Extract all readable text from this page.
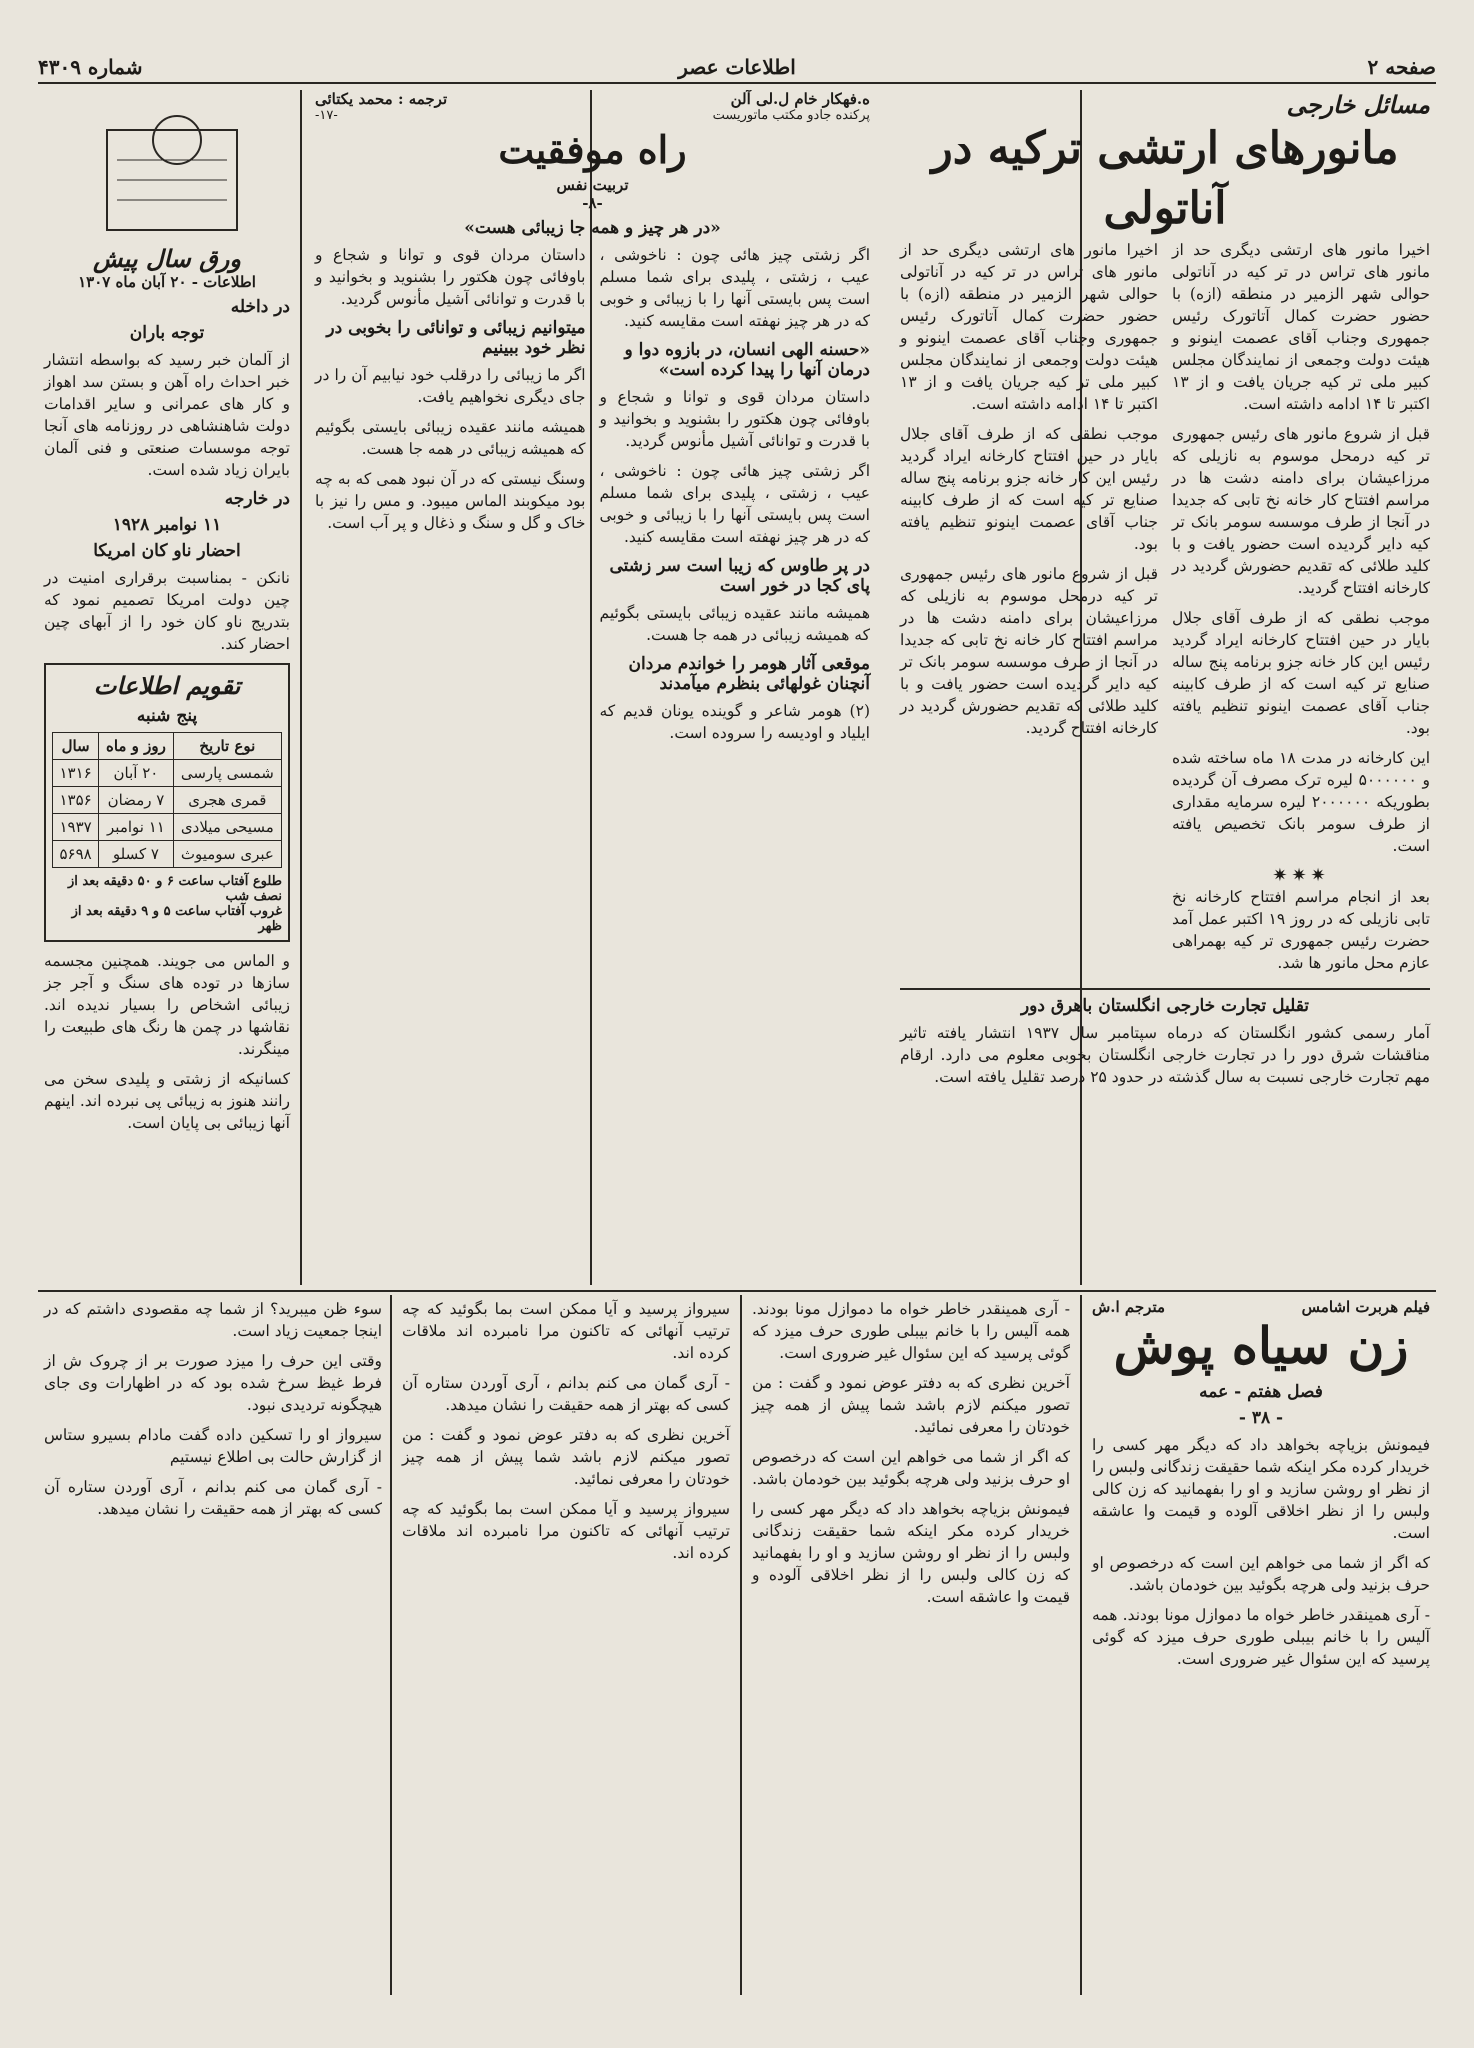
صفحه ۲
اطلاعات عصر
شماره ۴۳۰۹
مسائل خارجی
مانورهای ارتشی ترکیه در آناتولی

اخیرا مانور های ارتشی دیگری حد از مانور های تراس در تر کیه در آناتولی حوالی شهر الزمیر در منطقه (ازه) با حضور حضرت کمال آتاتورک رئیس جمهوری وجناب آقای عصمت اینونو و هیئت دولت وجمعی از نمایندگان مجلس کبیر ملی تر کیه جریان یافت و از ۱۳ اکتبر تا ۱۴ ادامه داشته است.

قبل از شروع مانور های رئیس جمهوری تر کیه درمحل موسوم به نازیلی که مرزاعیشان برای دامنه دشت ها در مراسم افتتاح کار خانه نخ تابی که جدیدا در آنجا از طرف موسسه سومر بانک تر کیه دایر گردیده است حضور یافت و با کلید طلائی که تقدیم حضورش گردید در کارخانه افتتاح گردید.

موجب نطقی که از طرف آقای جلال بایار در حین افتتاح کارخانه ایراد گردید رئیس این کار خانه جزو برنامه پنج ساله صنایع تر کیه است که از طرف کابینه جناب آقای عصمت اینونو تنظیم یافته بود.

این کارخانه در مدت ۱۸ ماه ساخته شده و ۵۰۰۰۰۰۰ لیره ترک مصرف آن گردیده بطوریکه ۲۰۰۰۰۰۰ لیره سرمایه مقداری از طرف سومر بانک تخصیص یافته است.

✷✷✷

بعد از انجام مراسم افتتاح کارخانه نخ تابی نازیلی که در روز ۱۹ اکتبر عمل آمد حضرت رئیس جمهوری تر کیه بهمراهی عازم محل مانور ها شد.

اخیرا مانور های ارتشی دیگری حد از مانور های تراس در تر کیه در آناتولی حوالی شهر الزمیر در منطقه (ازه) با حضور حضرت کمال آتاتورک رئیس جمهوری وجناب آقای عصمت اینونو و هیئت دولت وجمعی از نمایندگان مجلس کبیر ملی تر کیه جریان یافت و از ۱۳ اکتبر تا ۱۴ ادامه داشته است.

موجب نطقی که از طرف آقای جلال بایار در حین افتتاح کارخانه ایراد گردید رئیس این کار خانه جزو برنامه پنج ساله صنایع تر کیه است که از طرف کابینه جناب آقای عصمت اینونو تنظیم یافته بود.

قبل از شروع مانور های رئیس جمهوری تر کیه درمحل موسوم به نازیلی که مرزاعیشان برای دامنه دشت ها در مراسم افتتاح کار خانه نخ تابی که جدیدا در آنجا از طرف موسسه سومر بانک تر کیه دایر گردیده است حضور یافت و با کلید طلائی که تقدیم حضورش گردید در کارخانه افتتاح گردید.

تقلیل تجارت خارجی انگلستان باهرق دور

آمار رسمی کشور انگلستان که درماه سپتامبر سال ۱۹۳۷ انتشار یافته تاثیر مناقشات شرق دور را در تجارت خارجی انگلستان بخوبی معلوم می دارد. ارقام مهم تجارت خارجی نسبت به سال گذشته در حدود ۲۵ درصد تقلیل یافته است.

ه.فهکار خام ل.لی آلن
ترجمه : محمد یکتائی
پرکنده جادو مکتب ماتوریست
-۱۷-
راه موفقیت
تربیت نفس
-۸-
«در هر چیز و همه جا زیبائی هست»

اگر زشتی چیز هائی چون : ناخوشی ، عیب ، زشتی ، پلیدی برای شما مسلم است پس بایستی آنها را با زیبائی و خوبی که در هر چیز نهفته است مقایسه کنید.

«حسنه الهی انسان، در بازوه دوا و درمان آنها را پیدا کرده است»

داستان مردان قوی و توانا و شجاع و باوفائی چون هکتور را بشنوید و بخوانید و با قدرت و توانائی آشیل مأنوس گردید.

اگر زشتی چیز هائی چون : ناخوشی ، عیب ، زشتی ، پلیدی برای شما مسلم است پس بایستی آنها را با زیبائی و خوبی که در هر چیز نهفته است مقایسه کنید.

در پر طاوس که زیبا است سر زشتی پای کجا در خور است

همیشه مانند عقیده زیبائی بایستی بگوئیم که همیشه زیبائی در همه جا هست.

موقعی آثار هومر را خواندم مردان آنچنان غولهائی بنظرم میآمدند

(۲) هومر شاعر و گوینده یونان قدیم که ایلیاد و اودیسه را سروده است.

داستان مردان قوی و توانا و شجاع و باوفائی چون هکتور را بشنوید و بخوانید و با قدرت و توانائی آشیل مأنوس گردید.

میتوانیم زیبائی و توانائی را بخوبی در نظر خود ببینیم

اگر ما زیبائی را درقلب خود نیابیم آن را در جای دیگری نخواهیم یافت.

همیشه مانند عقیده زیبائی بایستی بگوئیم که همیشه زیبائی در همه جا هست.

وسنگ نیستی که در آن نبود همی که به چه بود میکوبند الماس میبود. و مس را نیز با خاک و گل و سنگ و ذغال و پر آب است.

ورق سال پیش
اطلاعات - ۲۰ آبان ماه ۱۳۰۷
در داخله
توجه باران

از آلمان خبر رسید که بواسطه انتشار خبر احداث راه آهن و بستن سد اهواز و کار های عمرانی و سایر اقدامات دولت شاهنشاهی در روزنامه های آنجا توجه موسسات صنعتی و فنی آلمان بایران زیاد شده است.

در خارجه
۱۱ نوامبر ۱۹۲۸
احضار ناو کان امریکا

نانکن - بمناسبت برقراری امنیت در چین دولت امریکا تصمیم نمود که بتدریج ناو کان خود را از آبهای چین احضار کند.

تقویم اطلاعات
پنج شنبه
نوع تاریخ	روز و ماه	سال
شمسی پارسی	۲۰ آبان	۱۳۱۶
قمری هجری	۷ رمضان	۱۳۵۶
مسیحی میلادی	۱۱ نوامبر	۱۹۳۷
عبری سومیوث	۷ کسلو	۵۶۹۸
طلوع آفتاب ساعت ۶ و ۵۰ دقیقه بعد از نصف شب
غروب آفتاب ساعت ۵ و ۹ دقیقه بعد از ظهر

و الماس می جویند. همچنین مجسمه سازها در توده های سنگ و آجر جز زیبائی اشخاص را بسیار ندیده اند. نقاشها در چمن ها رنگ های طبیعت را مینگرند.

کسانیکه از زشتی و پلیدی سخن می رانند هنوز به زیبائی پی نبرده اند. اینهم آنها زیبائی بی پایان است.

فیلم هربرت اشامس
مترجم ا.ش
زن سیاه پوش
فصل هفتم - عمه
- ۳۸ -

فیمونش بزیاچه بخواهد داد که دیگر مهر کسی را خریدار کرده مکر اینکه شما حقیقت زندگانی ولبس را از نظر او روشن سازید و او را بفهمانید که زن کالی ولبس را از نظر اخلاقی آلوده و قیمت وا عاشقه است.

که اگر از شما می خواهم این است که درخصوص او حرف بزنید ولی هرچه بگوئید بین خودمان باشد.

- آری همینقدر خاطر خواه ما دموازل مونا بودند. همه آلیس را با خانم بیبلی طوری حرف میزد که گوئی پرسید که این سئوال غیر ضروری است.

- آری همینقدر خاطر خواه ما دموازل مونا بودند. همه آلیس را با خانم بیبلی طوری حرف میزد که گوئی پرسید که این سئوال غیر ضروری است.

آخرین نظری که به دفتر عوض نمود و گفت : من تصور میکنم لازم باشد شما پیش از همه چیز خودتان را معرفی نمائید.

که اگر از شما می خواهم این است که درخصوص او حرف بزنید ولی هرچه بگوئید بین خودمان باشد.

فیمونش بزیاچه بخواهد داد که دیگر مهر کسی را خریدار کرده مکر اینکه شما حقیقت زندگانی ولبس را از نظر او روشن سازید و او را بفهمانید که زن کالی ولبس را از نظر اخلاقی آلوده و قیمت وا عاشقه است.

سیرواز پرسید و آیا ممکن است بما بگوئید که چه ترتیب آنهائی که تاکنون مرا نامبرده اند ملاقات کرده اند.

- آری گمان می کنم بدانم ، آری آوردن ستاره آن کسی که بهتر از همه حقیقت را نشان میدهد.

آخرین نظری که به دفتر عوض نمود و گفت : من تصور میکنم لازم باشد شما پیش از همه چیز خودتان را معرفی نمائید.

سیرواز پرسید و آیا ممکن است بما بگوئید که چه ترتیب آنهائی که تاکنون مرا نامبرده اند ملاقات کرده اند.

سوء ظن میبرید؟ از شما چه مقصودی داشتم که در اینجا جمعیت زیاد است.

وقتی این حرف را میزد صورت بر از چروک ش از فرط غیظ سرخ شده بود که در اظهارات وی جای هیچگونه تردیدی نبود.

سیرواز او را تسکین داده گفت مادام بسیرو ستاس از گزارش حالت بی اطلاع نیستیم

- آری گمان می کنم بدانم ، آری آوردن ستاره آن کسی که بهتر از همه حقیقت را نشان میدهد.
